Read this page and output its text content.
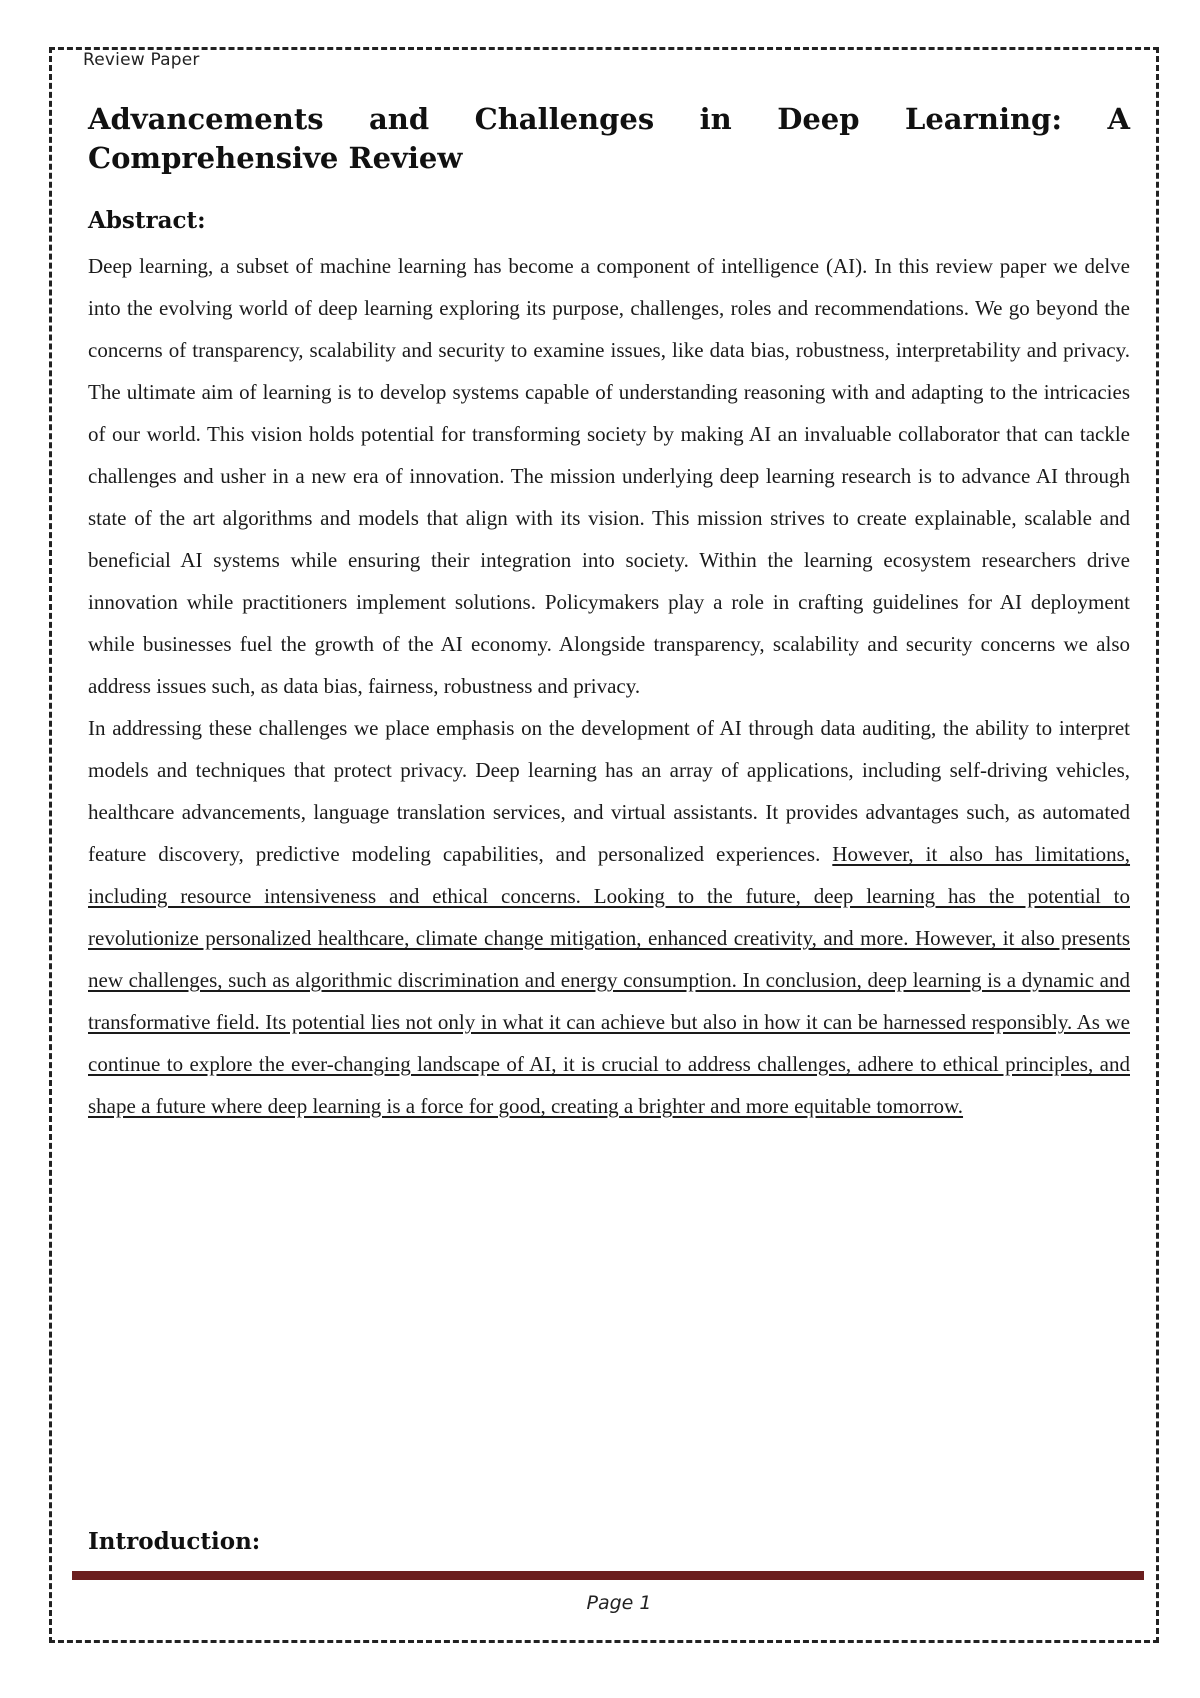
Review Paper
Advancements and Challenges in Deep Learning: A Comprehensive Review
Abstract:

Deep learning, a subset of machine learning has become a component of intelligence (AI). In this review paper we delve into the evolving world of deep learning exploring its purpose, challenges, roles and recommendations. We go beyond the concerns of transparency, scalability and security to examine issues, like data bias, robustness, interpretability and privacy. The ultimate aim of learning is to develop systems capable of understanding reasoning with and adapting to the intricacies of our world. This vision holds potential for transforming society by making AI an invaluable collaborator that can tackle challenges and usher in a new era of innovation. The mission underlying deep learning research is to advance AI through state of the art algorithms and models that align with its vision. This mission strives to create explainable, scalable and beneficial AI systems while ensuring their integration into society. Within the learning ecosystem researchers drive innovation while practitioners implement solutions. Policymakers play a role in crafting guidelines for AI deployment while businesses fuel the growth of the AI economy. Alongside transparency, scalability and security concerns we also address issues such, as data bias, fairness, robustness and privacy.

In addressing these challenges we place emphasis on the development of AI through data auditing, the ability to interpret models and techniques that protect privacy. Deep learning has an array of applications, including self-driving vehicles, healthcare advancements, language translation services, and virtual assistants. It provides advantages such, as automated feature discovery, predictive modeling capabilities, and personalized experiences. However, it also has limitations, including resource intensiveness and ethical concerns. Looking to the future, deep learning has the potential to revolutionize personalized healthcare, climate change mitigation, enhanced creativity, and more. However, it also presents new challenges, such as algorithmic discrimination and energy consumption. In conclusion, deep learning is a dynamic and transformative field. Its potential lies not only in what it can achieve but also in how it can be harnessed responsibly. As we continue to explore the ever-changing landscape of AI, it is crucial to address challenges, adhere to ethical principles, and shape a future where deep learning is a force for good, creating a brighter and more equitable tomorrow.

Introduction:
Page 1
